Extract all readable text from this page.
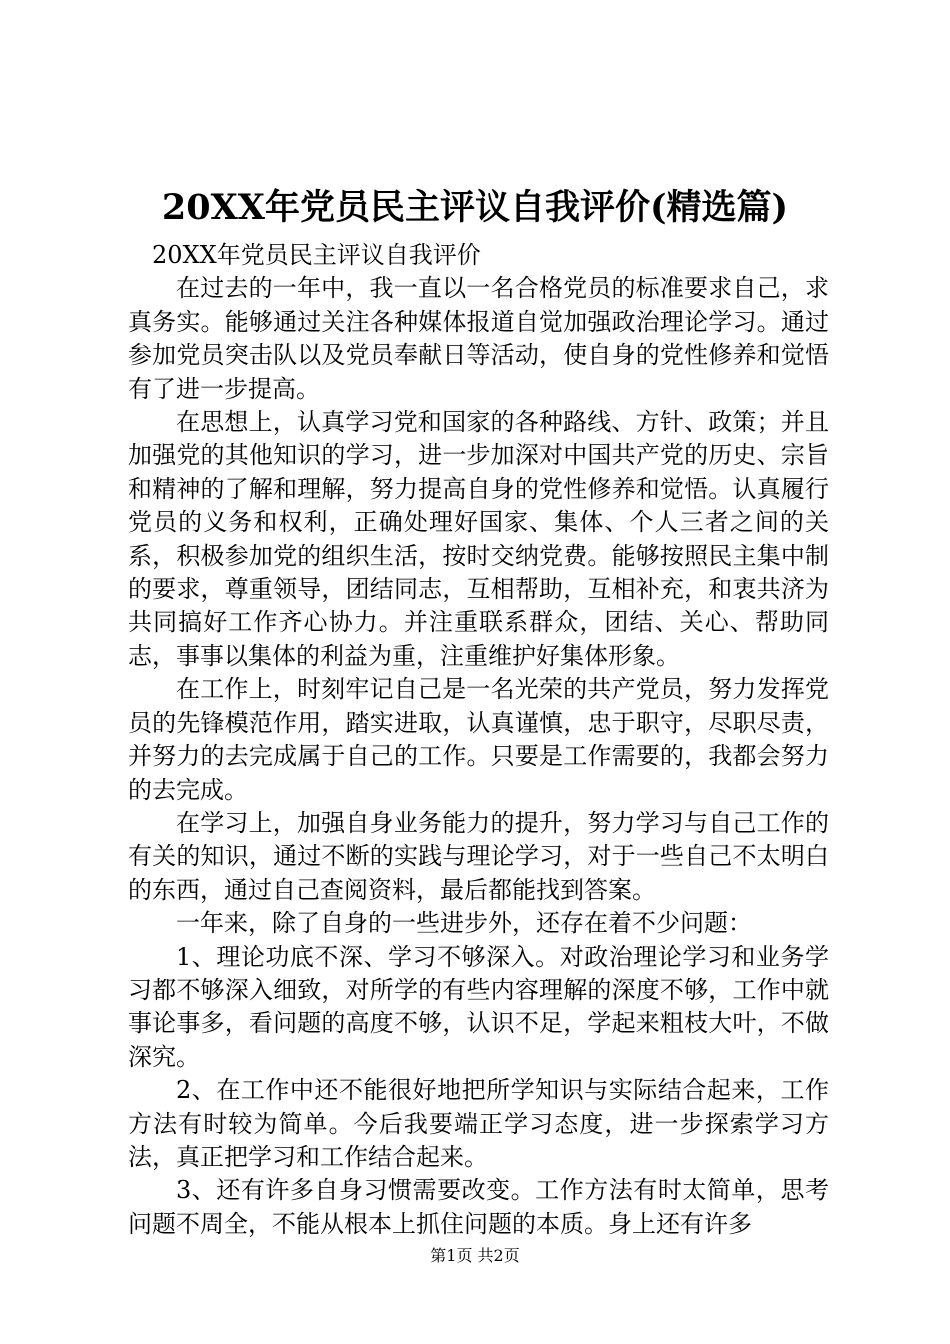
20XX年党员民主评议自我评价(精选篇)

20XX年党员民主评议自我评价

在过去的一年中，我一直以一名合格党员的标准要求自己，求真务实。能够通过关注各种媒体报道自觉加强政治理论学习。通过参加党员突击队以及党员奉献日等活动，使自身的党性修养和觉悟有了进一步提高。

在思想上，认真学习党和国家的各种路线、方针、政策；并且加强党的其他知识的学习，进一步加深对中国共产党的历史、宗旨和精神的了解和理解，努力提高自身的党性修养和觉悟。认真履行党员的义务和权利，正确处理好国家、集体、个人三者之间的关系，积极参加党的组织生活，按时交纳党费。能够按照民主集中制的要求，尊重领导，团结同志，互相帮助，互相补充，和衷共济为共同搞好工作齐心协力。并注重联系群众，团结、关心、帮助同志，事事以集体的利益为重，注重维护好集体形象。

在工作上，时刻牢记自己是一名光荣的共产党员，努力发挥党员的先锋模范作用，踏实进取，认真谨慎，忠于职守，尽职尽责，并努力的去完成属于自己的工作。只要是工作需要的，我都会努力的去完成。

在学习上，加强自身业务能力的提升，努力学习与自己工作的有关的知识，通过不断的实践与理论学习，对于一些自己不太明白的东西，通过自己查阅资料，最后都能找到答案。

一年来，除了自身的一些进步外，还存在着不少问题：

1、理论功底不深、学习不够深入。对政治理论学习和业务学习都不够深入细致，对所学的有些内容理解的深度不够，工作中就事论事多，看问题的高度不够，认识不足，学起来粗枝大叶，不做深究。

2、在工作中还不能很好地把所学知识与实际结合起来，工作方法有时较为简单。今后我要端正学习态度，进一步探索学习方法，真正把学习和工作结合起来。

3、还有许多自身习惯需要改变。工作方法有时太简单，思考问题不周全，不能从根本上抓住问题的本质。身上还有许多

第1页 共2页
